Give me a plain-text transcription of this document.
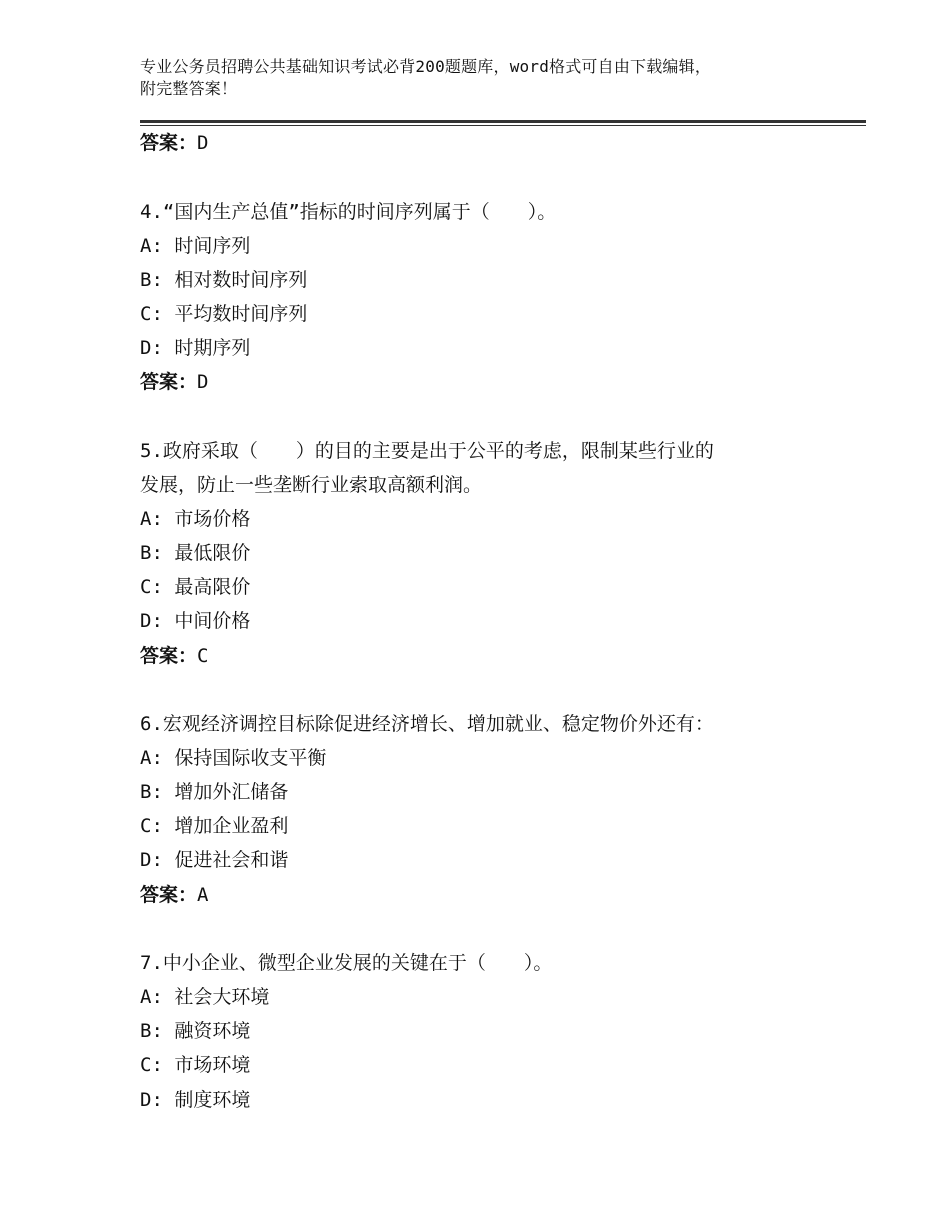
专业公务员招聘公共基础知识考试必背200题题库，word格式可自由下载编辑，
附完整答案！
答案：D
4.“国内生产总值”指标的时间序列属于（　　）。
A: 时间序列
B: 相对数时间序列
C: 平均数时间序列
D: 时期序列
答案：D
5.政府采取（　　）的目的主要是出于公平的考虑，限制某些行业的
发展，防止一些垄断行业索取高额利润。
A: 市场价格
B: 最低限价
C: 最高限价
D: 中间价格
答案：C
6.宏观经济调控目标除促进经济增长、增加就业、稳定物价外还有：
A: 保持国际收支平衡
B: 增加外汇储备
C: 增加企业盈利
D: 促进社会和谐
答案：A
7.中小企业、微型企业发展的关键在于（　　）。
A: 社会大环境
B: 融资环境
C: 市场环境
D: 制度环境
